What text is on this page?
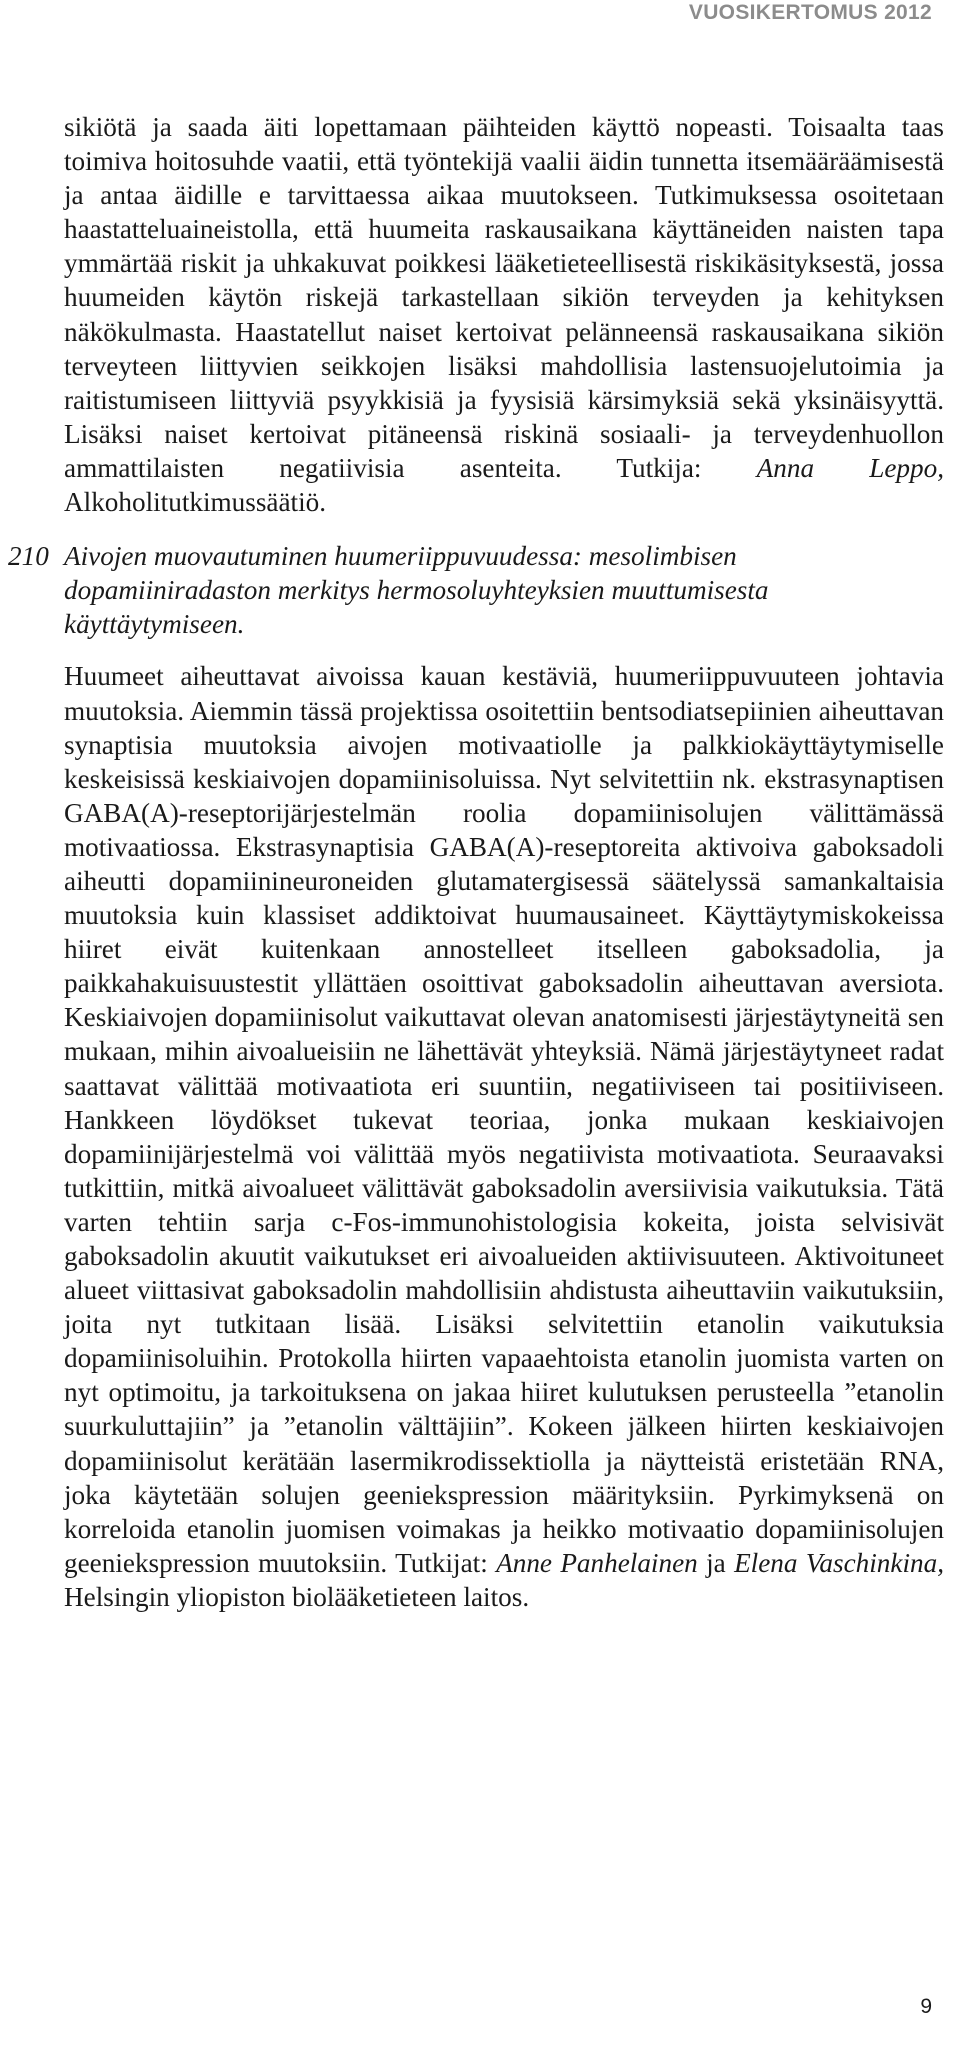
VUOSIKERTOMUS 2012

sikiötä ja saada äiti lopettamaan päihteiden käyttö nopeasti. Toisaalta taas toimiva hoitosuhde vaatii, että työntekijä vaalii äidin tunnetta itsemääräämisestä ja antaa äidille e tarvittaessa aikaa muutokseen. Tutkimuksessa osoitetaan haastatteluaineistolla, että huumeita raskausaikana käyttäneiden naisten tapa ymmärtää riskit ja uhkakuvat poikkesi lääketieteellisestä riskikäsityksestä, jossa huumeiden käytön riskejä tarkastellaan sikiön terveyden ja kehityksen näkökulmasta. Haastatellut naiset kertoivat pelänneensä raskausaikana sikiön terveyteen liittyvien seikkojen lisäksi mahdollisia lastensuojelutoimia ja raitistumiseen liittyviä psyykkisiä ja fyysisiä kärsimyksiä sekä yksinäisyyttä. Lisäksi naiset kertoivat pitäneensä riskinä sosiaali- ja terveydenhuollon ammattilaisten negatiivisia asenteita. Tutkija: Anna Leppo, Alkoholitutkimussäätiö.

210 Aivojen muovautuminen huumeriippuvuudessa: mesolimbisen dopamiiniradaston merkitys hermosoluyhteyksien muuttumisesta käyttäytymiseen.

Huumeet aiheuttavat aivoissa kauan kestäviä, huumeriippuvuuteen johtavia muutoksia. Aiemmin tässä projektissa osoitettiin bentsodiatsepiinien aiheuttavan synaptisia muutoksia aivojen motivaatiolle ja palkkiokäyttäytymiselle keskeisissä keskiaivojen dopamiinisoluissa. Nyt selvitettiin nk. ekstrasynaptisen GABA(A)-reseptorijärjestelmän roolia dopamiinisolujen välittämässä motivaatiossa. Ekstrasynaptisia GABA(A)-reseptoreita aktivoiva gaboksadoli aiheutti dopamiinineuroneiden glutamatergisessä säätelyssä samankaltaisia muutoksia kuin klassiset addiktoivat huumausaineet. Käyttäytymiskokeissa hiiret eivät kuitenkaan annostelleet itselleen gaboksadolia, ja paikkahakuisuustestit yllättäen osoittivat gaboksadolin aiheuttavan aversiota. Keskiaivojen dopamiinisolut vaikuttavat olevan anatomisesti järjestäytyneitä sen mukaan, mihin aivoalueisiin ne lähettävät yhteyksiä. Nämä järjestäytyneet radat saattavat välittää motivaatiota eri suuntiin, negatiiviseen tai positiiviseen. Hankkeen löydökset tukevat teoriaa, jonka mukaan keskiaivojen dopamiinijärjestelmä voi välittää myös negatiivista motivaatiota. Seuraavaksi tutkittiin, mitkä aivoalueet välittävät gaboksadolin aversiivisia vaikutuksia. Tätä varten tehtiin sarja c-Fos-immunohistologisia kokeita, joista selvisivät gaboksadolin akuutit vaikutukset eri aivoalueiden aktiivisuuteen. Aktivoituneet alueet viittasivat gaboksadolin mahdollisiin ahdistusta aiheuttaviin vaikutuksiin, joita nyt tutkitaan lisää. Lisäksi selvitettiin etanolin vaikutuksia dopamiinisoluihin. Protokolla hiirten vapaaehtoista etanolin juomista varten on nyt optimoitu, ja tarkoituksena on jakaa hiiret kulutuksen perusteella ”etanolin suurkuluttajiin” ja ”etanolin välttäjiin”. Kokeen jälkeen hiirten keskiaivojen dopamiinisolut kerätään lasermikrodissektiolla ja näytteistä eristetään RNA, joka käytetään solujen geeniekspression määrityksiin. Pyrkimyksenä on korreloida etanolin juomisen voimakas ja heikko motivaatio dopamiinisolujen geeniekspression muutoksiin. Tutkijat: Anne Panhelainen ja Elena Vaschinkina, Helsingin yliopiston biolääketieteen laitos.

9
